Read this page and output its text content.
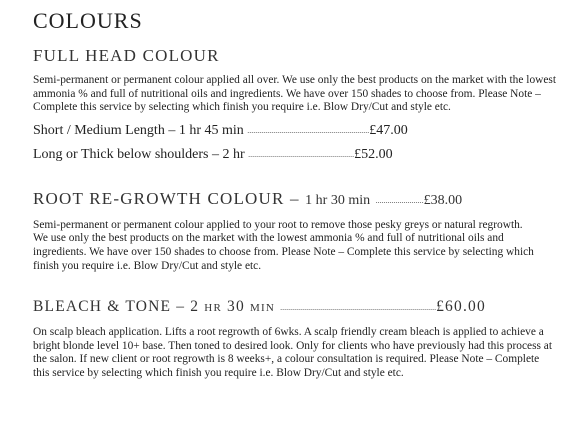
COLOURS
FULL HEAD COLOUR

Semi-permanent or permanent colour applied all over. We use only the best products on the market with the lowest ammonia % and full of nutritional oils and ingredients. We have over 150 shades to choose from. Please Note – Complete this service by selecting which finish you require i.e. Blow Dry/Cut and style etc.

Short / Medium Length – 1 hr 45 min .............................................................£47.00
Long or Thick below shoulders – 2 hr .....................................................£52.00
ROOT RE-GROWTH COLOUR – 1 hr 30 min ........................£38.00

Semi-permanent or permanent colour applied to your root to remove those pesky greys or natural regrowth.

We use only the best products on the market with the lowest ammonia % and full of nutritional oils and ingredients. We have over 150 shades to choose from. Please Note – Complete this service by selecting which finish you require i.e. Blow Dry/Cut and style etc.

BLEACH & TONE – 2 hr 30 min ..............................................................................£60.00

On scalp bleach application. Lifts a root regrowth of 6wks. A scalp friendly cream bleach is applied to achieve a bright blonde level 10+ base. Then toned to desired look. Only for clients who have previously had this process at the salon. If new client or root regrowth is 8 weeks+, a colour consultation is required. Please Note – Complete this service by selecting which finish you require i.e. Blow Dry/Cut and style etc.
